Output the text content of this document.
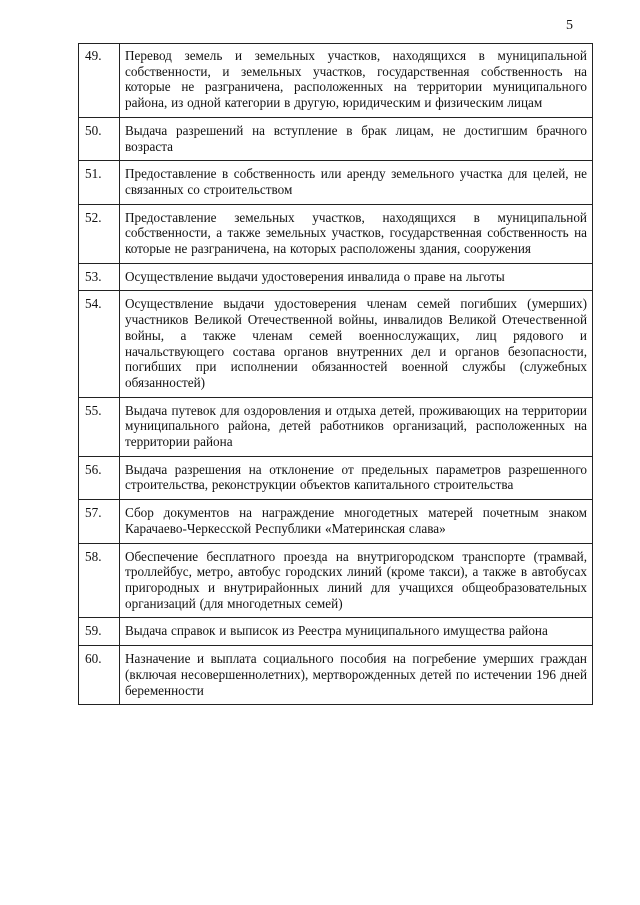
5
49.	Перевод земель и земельных участков, находящихся в муниципальной собственности, и земельных участков, государственная собственность на которые не разграничена, расположенных на территории муниципального района, из одной категории в другую, юридическим и физическим лицам
50.	Выдача разрешений на вступление в брак лицам, не достигшим брачного возраста
51.	Предоставление в собственность или аренду земельного участка для целей, не связанных со строительством
52.	Предоставление земельных участков, находящихся в муниципальной собственности, а также земельных участков, государственная собственность на которые не разграничена, на которых расположены здания, сооружения
53.	Осуществление выдачи удостоверения инвалида о праве на льготы
54.	Осуществление выдачи удостоверения членам семей погибших (умерших) участников Великой Отечественной войны, инвалидов Великой Отечественной войны, а также членам семей военнослужащих, лиц рядового и начальствующего состава органов внутренних дел и органов безопасности, погибших при исполнении обязанностей военной службы (служебных обязанностей)
55.	Выдача путевок для оздоровления и отдыха детей, проживающих на территории муниципального района, детей работников организаций, расположенных на территории района
56.	Выдача разрешения на отклонение от предельных параметров разрешенного строительства, реконструкции объектов капитального строительства
57.	Сбор документов на награждение многодетных матерей почетным знаком Карачаево-Черкесской Республики «Материнская слава»
58.	Обеспечение бесплатного проезда на внутригородском транспорте (трамвай, троллейбус, метро, автобус городских линий (кроме такси), а также в автобусах пригородных и внутрирайонных линий для учащихся общеобразовательных организаций (для многодетных семей)
59.	Выдача справок и выписок из Реестра муниципального имущества района
60.	Назначение и выплата социального пособия на погребение умерших граждан (включая несовершеннолетних), мертворожденных детей по истечении 196 дней беременности
